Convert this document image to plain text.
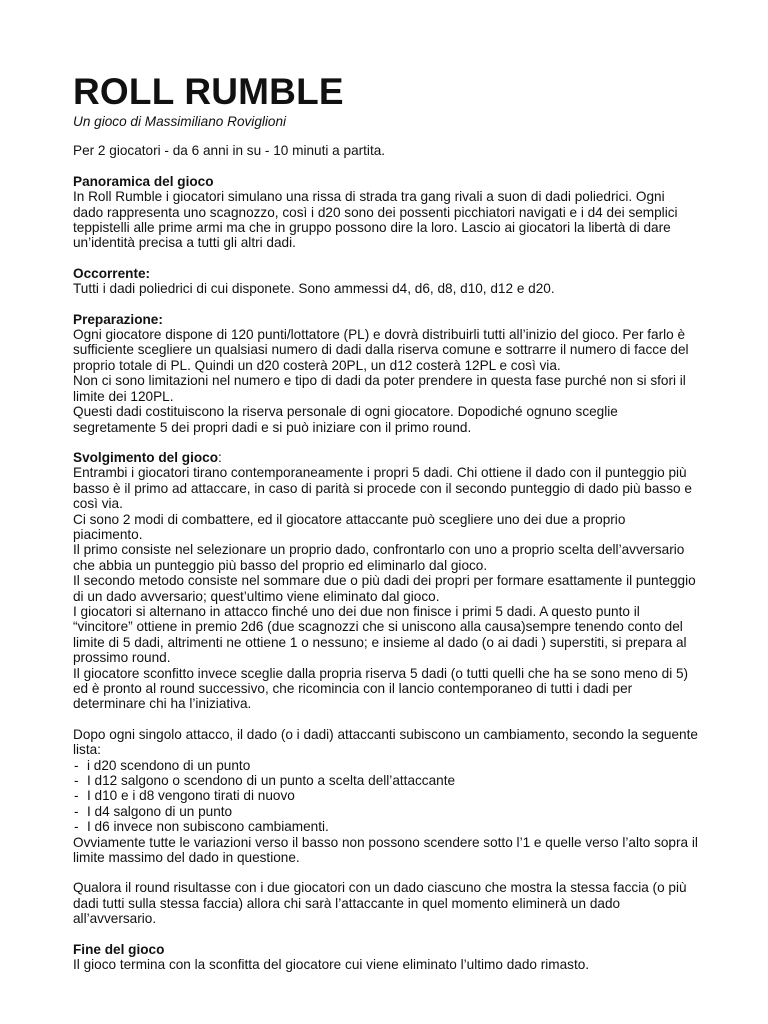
ROLL RUMBLE

Un gioco di Massimiliano Roviglioni

Per 2 giocatori - da 6 anni in su - 10 minuti a partita.

Panoramica del gioco

In Roll Rumble i giocatori simulano una rissa di strada tra gang rivali a suon di dadi poliedrici. Ogni dado rappresenta uno scagnozzo, così i d20 sono dei possenti picchiatori navigati e i d4 dei semplici teppistelli alle prime armi ma che in gruppo possono dire la loro. Lascio ai giocatori la libertà di dare un’identità precisa a tutti gli altri dadi.

Occorrente:

Tutti i dadi poliedrici di cui disponete. Sono ammessi d4, d6, d8, d10, d12 e d20.

Preparazione:

Ogni giocatore dispone di 120 punti/lottatore (PL) e dovrà distribuirli tutti all’inizio del gioco. Per farlo è sufficiente scegliere un qualsiasi numero di dadi dalla riserva comune e sottrarre il numero di facce del proprio totale di PL. Quindi un d20 costerà 20PL, un d12 costerà 12PL e così via.

Non ci sono limitazioni nel numero e tipo di dadi da poter prendere in questa fase purché non si sfori il limite dei 120PL.

Questi dadi costituiscono la riserva personale di ogni giocatore. Dopodiché ognuno sceglie segretamente 5 dei propri dadi e si può iniziare con il primo round.

Svolgimento del gioco:

Entrambi i giocatori tirano contemporaneamente i propri 5 dadi. Chi ottiene il dado con il punteggio più basso è il primo ad attaccare, in caso di parità si procede con il secondo punteggio di dado più basso e così via.

Ci sono 2 modi di combattere, ed il giocatore attaccante può scegliere uno dei due a proprio piacimento.

Il primo consiste nel selezionare un proprio dado, confrontarlo con uno a proprio scelta dell’avversario che abbia un punteggio più basso del proprio ed eliminarlo dal gioco.

Il secondo metodo consiste nel sommare due o più dadi dei propri per formare esattamente il punteggio di un dado avversario; quest’ultimo viene eliminato dal gioco.

I giocatori si alternano in attacco finché uno dei due non finisce i primi 5 dadi. A questo punto il “vincitore” ottiene in premio 2d6 (due scagnozzi che si uniscono alla causa)sempre tenendo conto del limite di 5 dadi, altrimenti ne ottiene 1 o nessuno; e insieme al dado (o ai dadi ) superstiti, si prepara al prossimo round.

Il giocatore sconfitto invece sceglie dalla propria riserva 5 dadi (o tutti quelli che ha se sono meno di 5) ed è pronto al round successivo, che ricomincia con il lancio contemporaneo di tutti i dadi per determinare chi ha l’iniziativa.

Dopo ogni singolo attacco, il dado (o i dadi) attaccanti subiscono un cambiamento, secondo la seguente lista:

- i d20 scendono di un punto
- I d12 salgono o scendono di un punto a scelta dell’attaccante
- I d10 e i d8 vengono tirati di nuovo
- I d4 salgono di un punto
- I d6 invece non subiscono cambiamenti.

Ovviamente tutte le variazioni verso il basso non possono scendere sotto l’1 e quelle verso l’alto sopra il limite massimo del dado in questione.

Qualora il round risultasse con i due giocatori con un dado ciascuno che mostra la stessa faccia (o più dadi tutti sulla stessa faccia) allora chi sarà l’attaccante in quel momento eliminerà un dado all’avversario.

Fine del gioco

Il gioco termina con la sconfitta del giocatore cui viene eliminato l’ultimo dado rimasto.
